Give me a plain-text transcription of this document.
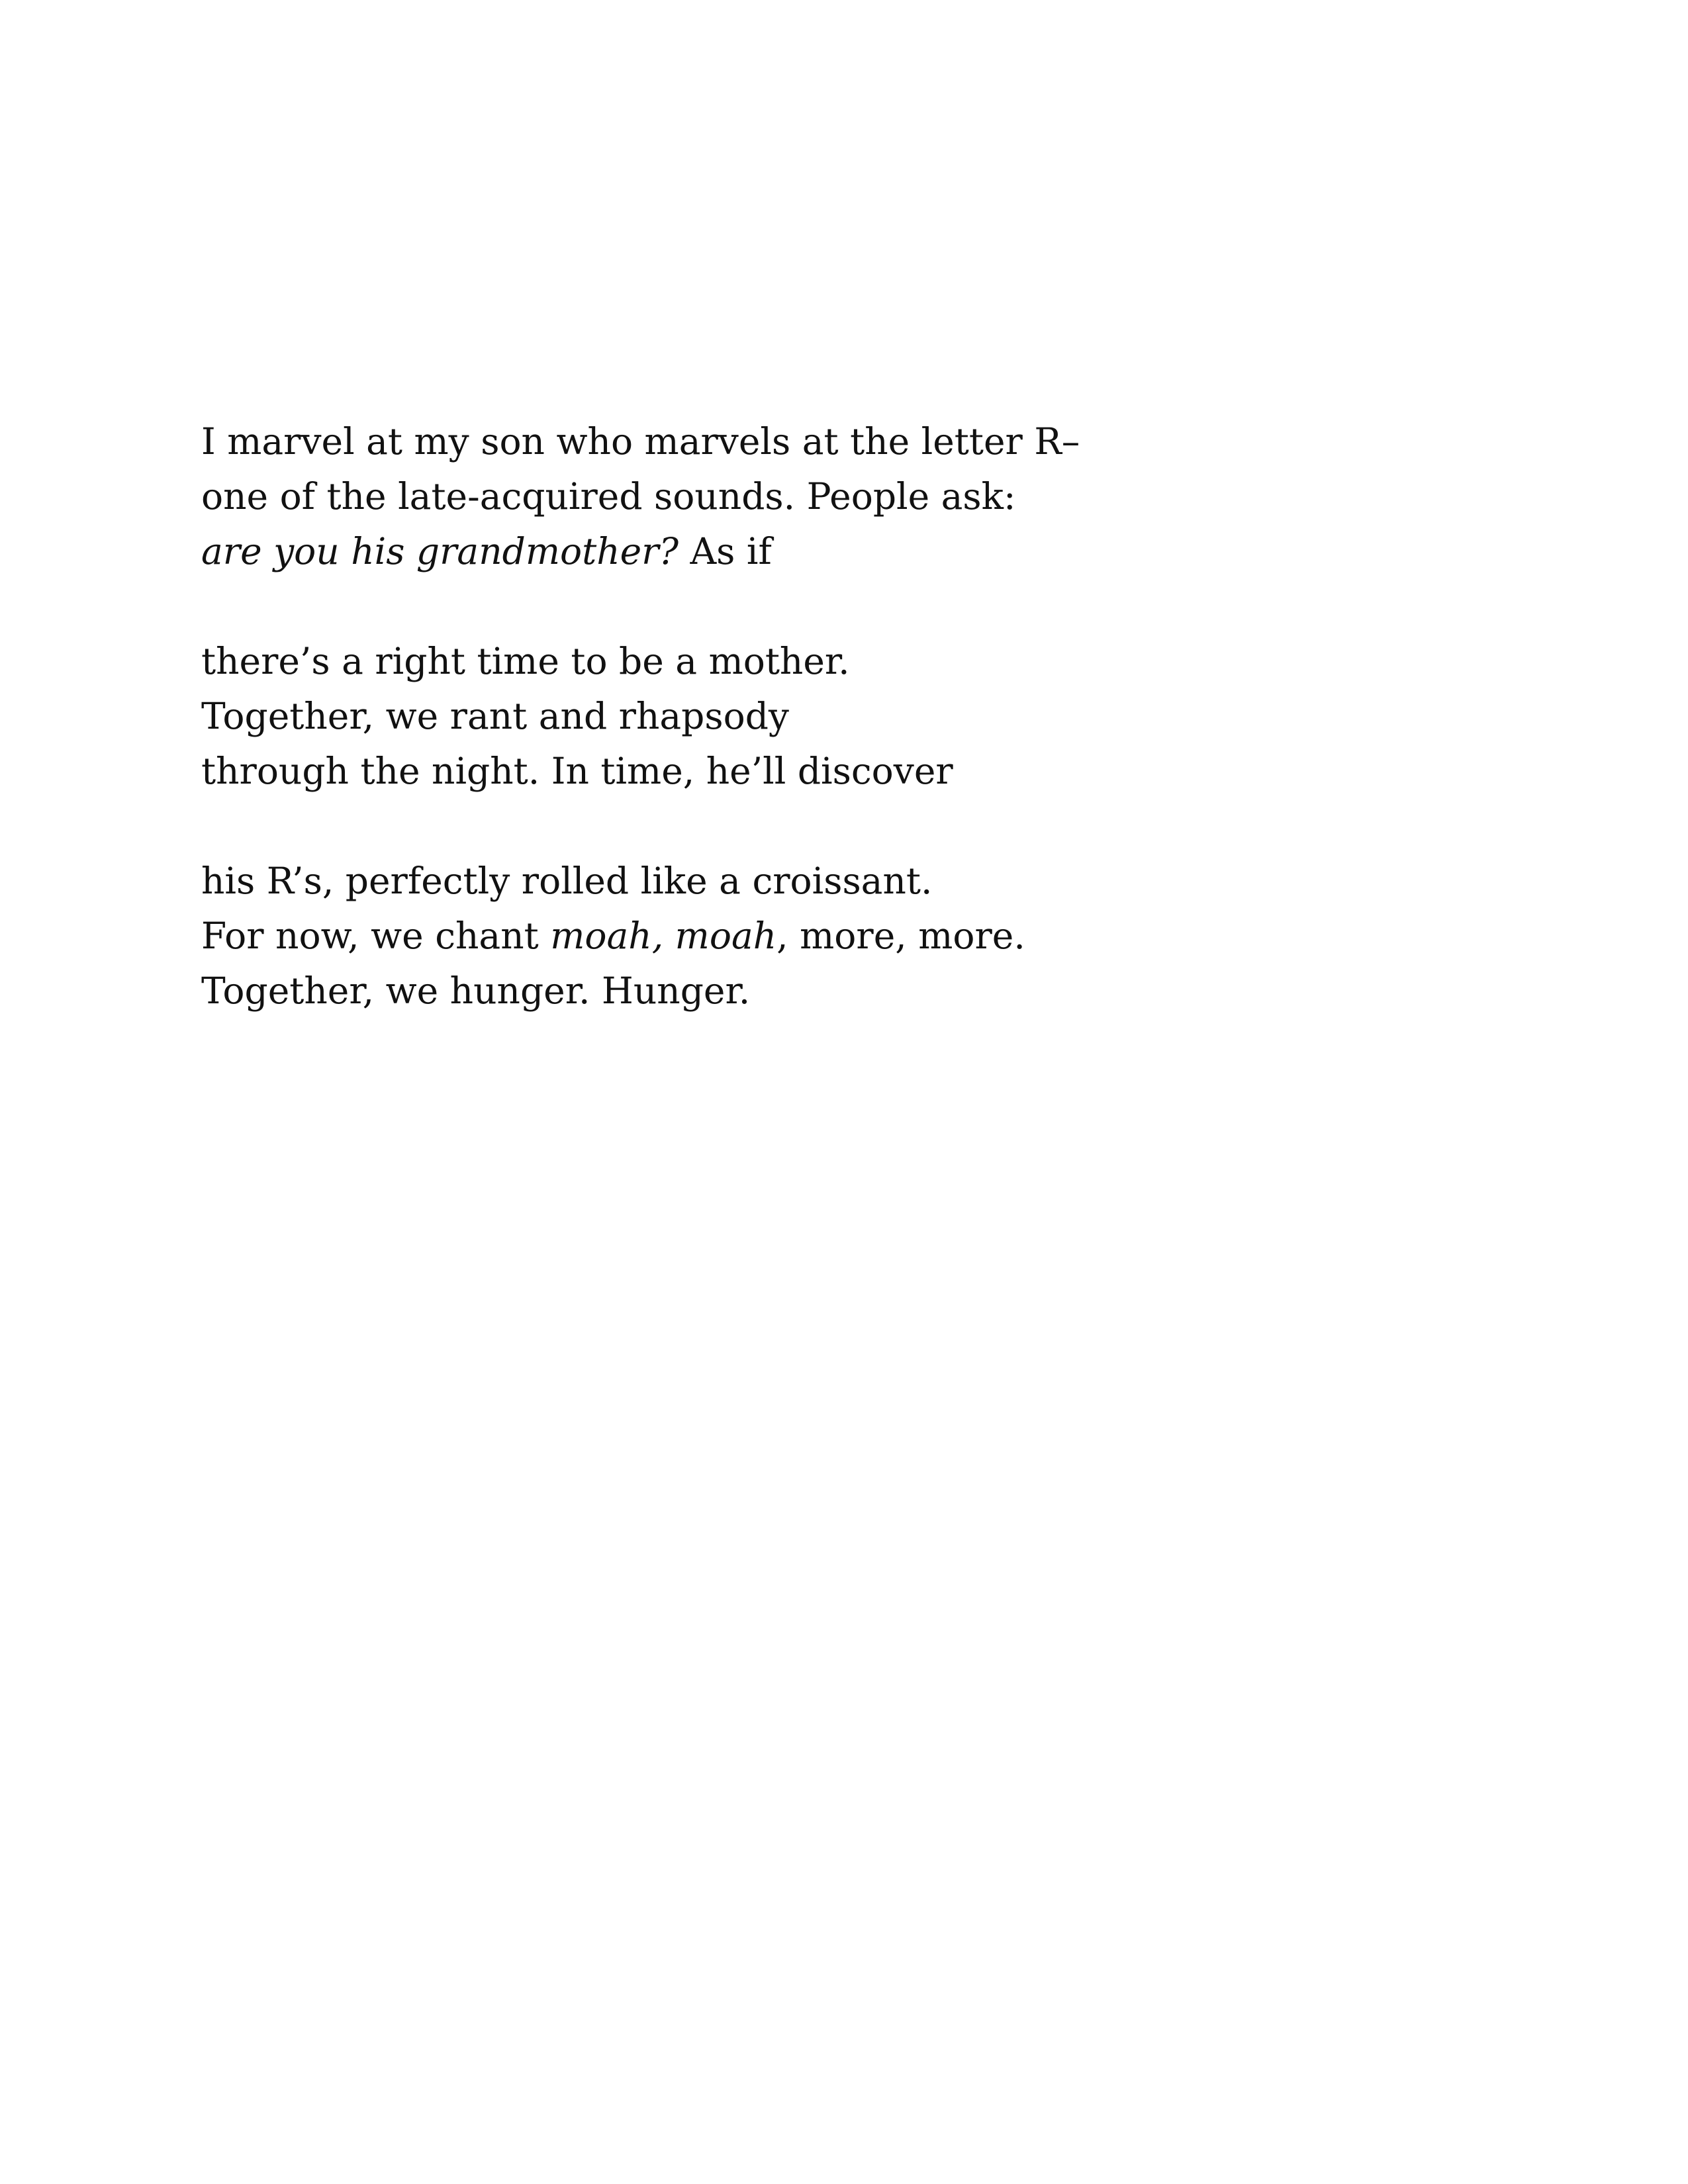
I marvel at my son who marvels at the letter R–
one of the late-acquired sounds. People ask:
are you his grandmother? As if
there’s a right time to be a mother.
Together, we rant and rhapsody
through the night. In time, he’ll discover
his R’s, perfectly rolled like a croissant.
For now, we chant moah, moah, more, more.
Together, we hunger. Hunger.
